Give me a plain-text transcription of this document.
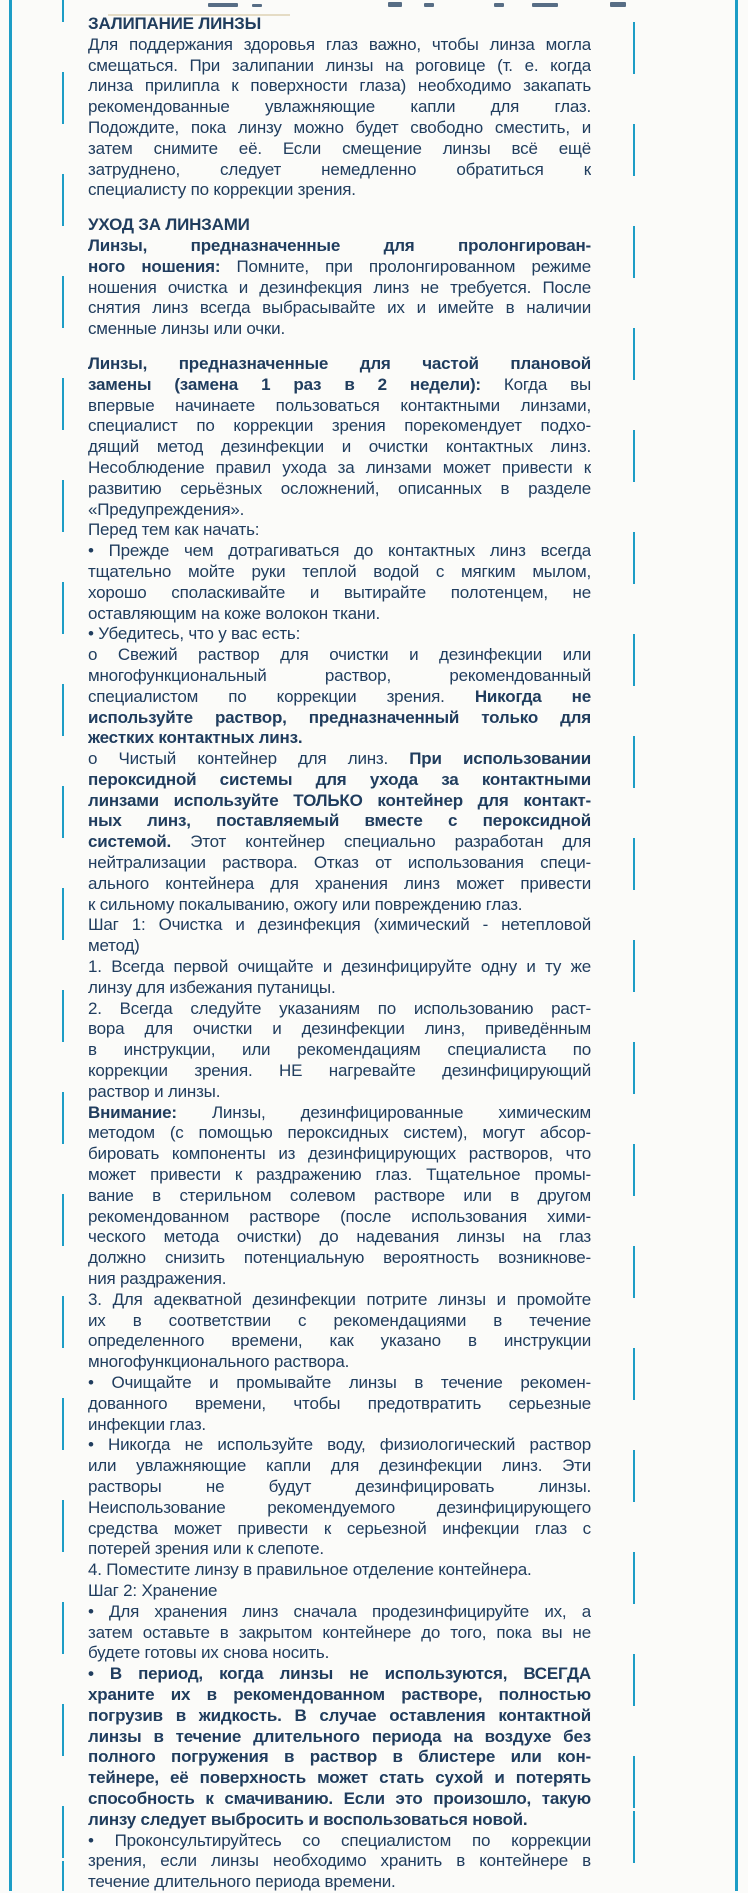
ЗАЛИПАНИЕ ЛИНЗЫ
Для поддержания здоровья глаз важно, чтобы линза могла
смещаться. При залипании линзы на роговице (т. е. когда
линза прилипла к поверхности глаза) необходимо закапать
рекомендованные увлажняющие капли для глаз.
Подождите, пока линзу можно будет свободно сместить, и
затем снимите её. Если смещение линзы всё ещё
затруднено, следует немедленно обратиться к
специалисту по коррекции зрения.
УХОД ЗА ЛИНЗАМИ
Линзы, предназначенные для пролонгирован-
ного ношения: Помните, при пролонгированном режиме
ношения очистка и дезинфекция линз не требуется. После
снятия линз всегда выбрасывайте их и имейте в наличии
сменные линзы или очки.
Линзы, предназначенные для частой плановой
замены (замена 1 раз в 2 недели): Когда вы
впервые начинаете пользоваться контактными линзами,
специалист по коррекции зрения порекомендует подхо-
дящий метод дезинфекции и очистки контактных линз.
Несоблюдение правил ухода за линзами может привести к
развитию серьёзных осложнений, описанных в разделе
«Предупреждения».
Перед тем как начать:
• Прежде чем дотрагиваться до контактных линз всегда
тщательно мойте руки теплой водой с мягким мылом,
хорошо споласкивайте и вытирайте полотенцем, не
оставляющим на коже волокон ткани.
• Убедитесь, что у вас есть:
о Свежий раствор для очистки и дезинфекции или
многофункциональный раствор, рекомендованный
специалистом по коррекции зрения. Никогда не
используйте раствор, предназначенный только для
жестких контактных линз.
о Чистый контейнер для линз. При использовании
пероксидной системы для ухода за контактными
линзами используйте ТОЛЬКО контейнер для контакт-
ных линз, поставляемый вместе с пероксидной
системой. Этот контейнер специально разработан для
нейтрализации раствора. Отказ от использования специ-
ального контейнера для хранения линз может привести
к сильному покалыванию, ожогу или повреждению глаз.
Шаг 1: Очистка и дезинфекция (химический - нетепловой
метод)
1. Всегда первой очищайте и дезинфицируйте одну и ту же
линзу для избежания путаницы.
2. Всегда следуйте указаниям по использованию раст-
вора для очистки и дезинфекции линз, приведённым
в инструкции, или рекомендациям специалиста по
коррекции зрения. НЕ нагревайте дезинфицирующий
раствор и линзы.
Внимание: Линзы, дезинфицированные химическим
методом (с помощью пероксидных систем), могут абсор-
бировать компоненты из дезинфицирующих растворов, что
может привести к раздражению глаз. Тщательное промы-
вание в стерильном солевом растворе или в другом
рекомендованном растворе (после использования хими-
ческого метода очистки) до надевания линзы на глаз
должно снизить потенциальную вероятность возникнове-
ния раздражения.
3. Для адекватной дезинфекции потрите линзы и промойте
их в соответствии с рекомендациями в течение
определенного времени, как указано в инструкции
многофункционального раствора.
• Очищайте и промывайте линзы в течение рекомен-
дованного времени, чтобы предотвратить серьезные
инфекции глаз.
• Никогда не используйте воду, физиологический раствор
или увлажняющие капли для дезинфекции линз. Эти
растворы не будут дезинфицировать линзы.
Неиспользование рекомендуемого дезинфицирующего
средства может привести к серьезной инфекции глаз с
потерей зрения или к слепоте.
4. Поместите линзу в правильное отделение контейнера.
Шаг 2: Хранение
• Для хранения линз сначала продезинфицируйте их, а
затем оставьте в закрытом контейнере до того, пока вы не
будете готовы их снова носить.
• В период, когда линзы не используются, ВСЕГДА
храните их в рекомендованном растворе, полностью
погрузив в жидкость. В случае оставления контактной
линзы в течение длительного периода на воздухе без
полного погружения в раствор в блистере или кон-
тейнере, её поверхность может стать сухой и потерять
способность к смачиванию. Если это произошло, такую
линзу следует выбросить и воспользоваться новой.
• Проконсультируйтесь со специалистом по коррекции
зрения, если линзы необходимо хранить в контейнере в
течение длительного периода времени.
